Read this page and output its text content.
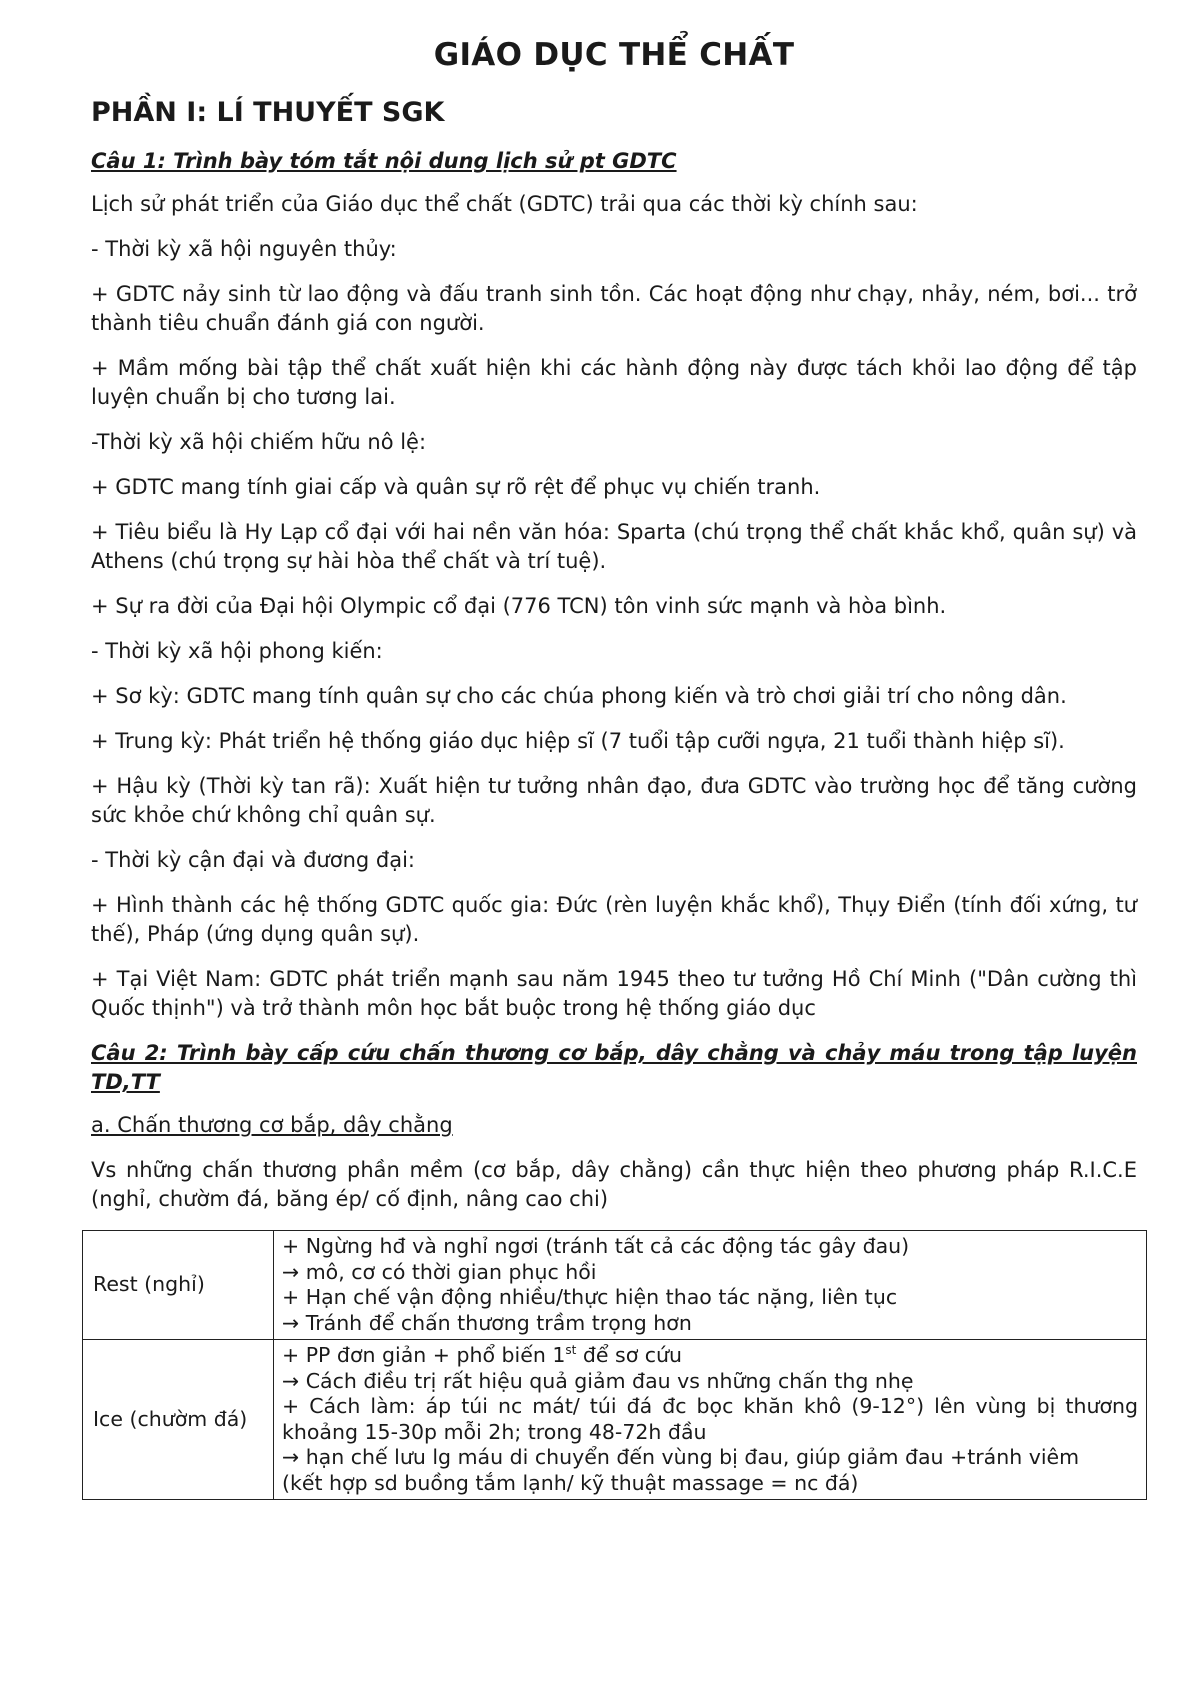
GIÁO DỤC THỂ CHẤT
PHẦN I: LÍ THUYẾT SGK
Câu 1: Trình bày tóm tắt nội dung lịch sử pt GDTC

Lịch sử phát triển của Giáo dục thể chất (GDTC) trải qua các thời kỳ chính sau:

- Thời kỳ xã hội nguyên thủy:

+ GDTC nảy sinh từ lao động và đấu tranh sinh tồn. Các hoạt động như chạy, nhảy, ném, bơi... trở thành tiêu chuẩn đánh giá con người.

+ Mầm mống bài tập thể chất xuất hiện khi các hành động này được tách khỏi lao động để tập luyện chuẩn bị cho tương lai.

-Thời kỳ xã hội chiếm hữu nô lệ:

+ GDTC mang tính giai cấp và quân sự rõ rệt để phục vụ chiến tranh.

+ Tiêu biểu là Hy Lạp cổ đại với hai nền văn hóa: Sparta (chú trọng thể chất khắc khổ, quân sự) và Athens (chú trọng sự hài hòa thể chất và trí tuệ).

+ Sự ra đời của Đại hội Olympic cổ đại (776 TCN) tôn vinh sức mạnh và hòa bình.

- Thời kỳ xã hội phong kiến:

+ Sơ kỳ: GDTC mang tính quân sự cho các chúa phong kiến và trò chơi giải trí cho nông dân.

+ Trung kỳ: Phát triển hệ thống giáo dục hiệp sĩ (7 tuổi tập cưỡi ngựa, 21 tuổi thành hiệp sĩ).

+ Hậu kỳ (Thời kỳ tan rã): Xuất hiện tư tưởng nhân đạo, đưa GDTC vào trường học để tăng cường sức khỏe chứ không chỉ quân sự.

- Thời kỳ cận đại và đương đại:

+ Hình thành các hệ thống GDTC quốc gia: Đức (rèn luyện khắc khổ), Thụy Điển (tính đối xứng, tư thế), Pháp (ứng dụng quân sự).

+ Tại Việt Nam: GDTC phát triển mạnh sau năm 1945 theo tư tưởng Hồ Chí Minh ("Dân cường thì Quốc thịnh") và trở thành môn học bắt buộc trong hệ thống giáo dục

Câu 2: Trình bày cấp cứu chấn thương cơ bắp, dây chằng và chảy máu trong tập luyện TD,TT
a. Chấn thương cơ bắp, dây chằng

Vs những chấn thương phần mềm (cơ bắp, dây chằng) cần thực hiện theo phương pháp R.I.C.E (nghỉ, chườm đá, băng ép/ cố định, nâng cao chi)

Rest (nghỉ)	+ Ngừng hđ và nghỉ ngơi (tránh tất cả các động tác gây đau)
→ mô, cơ có thời gian phục hồi
+ Hạn chế vận động nhiều/thực hiện thao tác nặng, liên tục
→ Tránh để chấn thương trầm trọng hơn

Ice (chườm đá)	+ PP đơn giản + phổ biến 1st để sơ cứu
→ Cách điều trị rất hiệu quả giảm đau vs những chấn thg nhẹ
+ Cách làm: áp túi nc mát/ túi đá đc bọc khăn khô (9-12°) lên vùng bị thương khoảng 15-30p mỗi 2h; trong 48-72h đầu
→ hạn chế lưu lg máu di chuyển đến vùng bị đau, giúp giảm đau +tránh viêm
(kết hợp sd buồng tắm lạnh/ kỹ thuật massage = nc đá)
